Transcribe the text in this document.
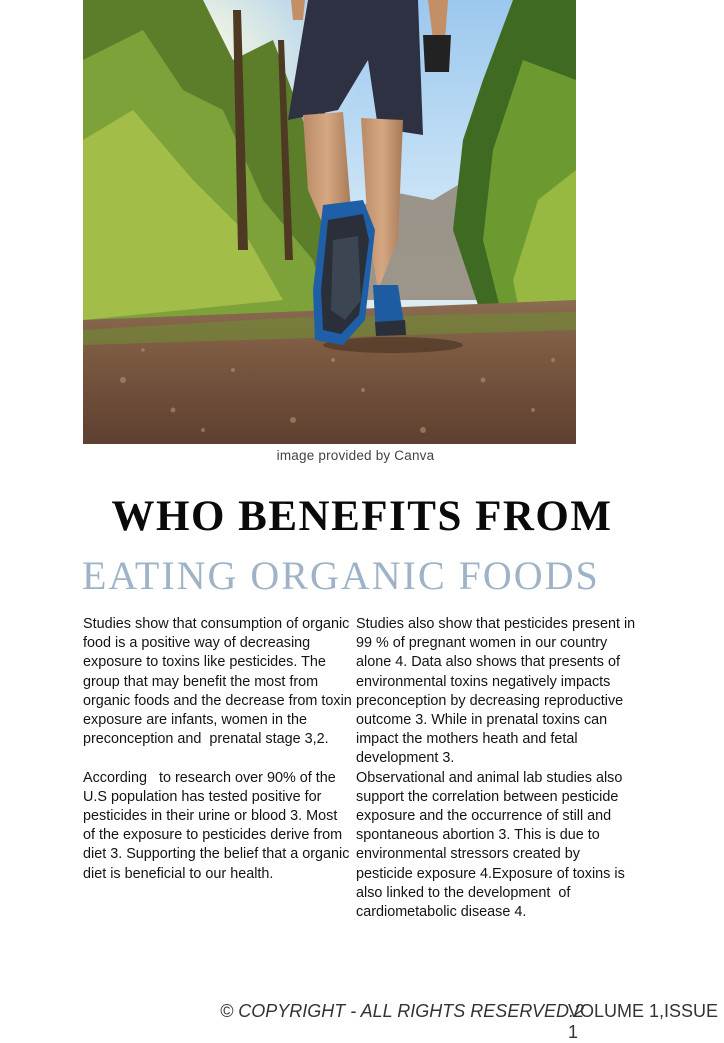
image provided by Canva
WHO BENEFITS FROM
EATING ORGANIC FOODS

Studies show that consumption of organic food is a positive way of decreasing exposure to toxins like pesticides. The group that may benefit the most from organic foods and the decrease from toxin exposure are infants, women in the preconception and  prenatal stage 3,2.

According   to research over 90% of the U.S population has tested positive for pesticides in their urine or blood 3. Most of the exposure to pesticides derive from diet 3. Supporting the belief that a organic diet is beneficial to our health.

Studies also show that pesticides present in 99 % of pregnant women in our country alone 4. Data also shows that presents of environmental toxins negatively impacts preconception by decreasing reproductive outcome 3. While in prenatal toxins can impact the mothers heath and fetal development 3.

Observational and animal lab studies also support the correlation between pesticide exposure and the occurrence of still and spontaneous abortion 3. This is due to environmental stressors created by pesticide exposure 4.Exposure of toxins is also linked to the development  of cardiometabolic disease 4.

© COPYRIGHT - ALL RIGHTS RESERVED.2
VOLUME 1,ISSUE 1
